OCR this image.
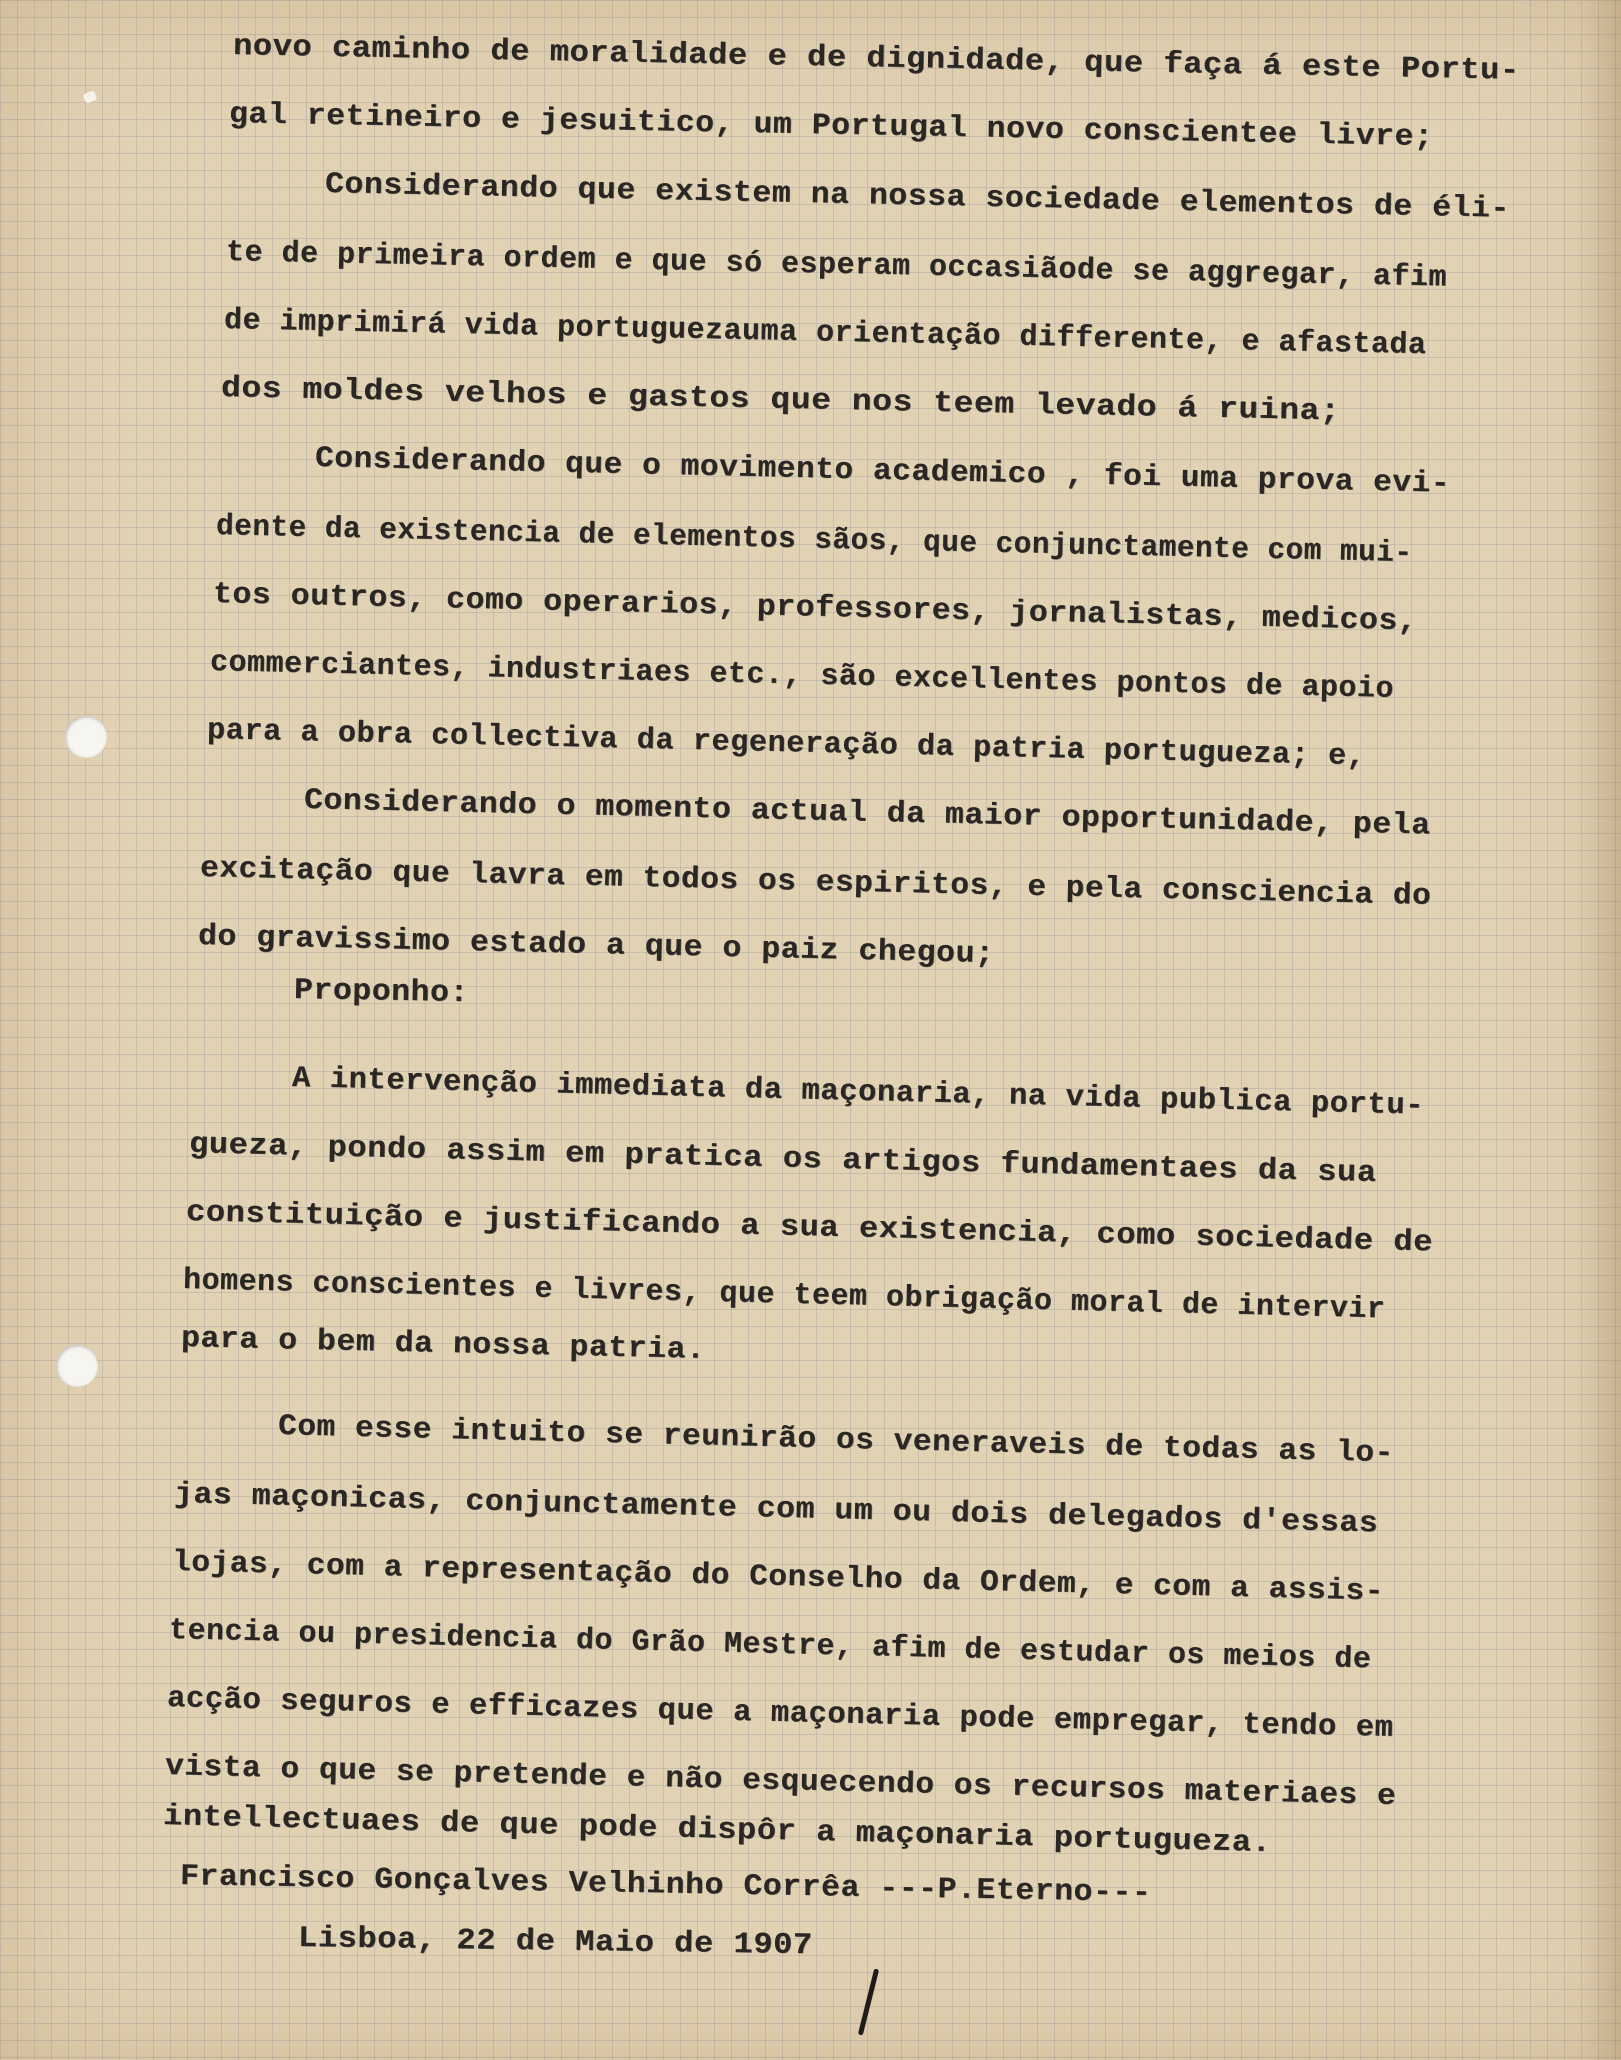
novo caminho de moralidade e de dignidade, que faça á este Portu-
gal retineiro e jesuitico, um Portugal novo conscientee livre;
Considerando que existem na nossa sociedade elementos de éli-
te de primeira ordem e que só esperam occasiãode se aggregar, afim
de imprimirá vida portuguezauma orientação differente, e afastada
dos moldes velhos e gastos que nos teem levado á ruina;
Considerando que o movimento academico , foi uma prova evi-
dente da existencia de elementos sãos, que conjunctamente com mui-
tos outros, como operarios, professores, jornalistas, medicos,
commerciantes, industriaes etc., são excellentes pontos de apoio
para a obra collectiva da regeneração da patria portugueza; e,
Considerando o momento actual da maior opportunidade, pela
excitação que lavra em todos os espiritos, e pela consciencia do
do gravissimo estado a que o paiz chegou;
Proponho:
A intervenção immediata da maçonaria, na vida publica portu-
gueza, pondo assim em pratica os artigos fundamentaes da sua
constituição e justificando a sua existencia, como sociedade de
homens conscientes e livres, que teem obrigação moral de intervir
para o bem da nossa patria.
Com esse intuito se reunirão os veneraveis de todas as lo-
jas maçonicas, conjunctamente com um ou dois delegados d'essas
lojas, com a representação do Conselho da Ordem, e com a assis-
tencia ou presidencia do Grão Mestre, afim de estudar os meios de
acção seguros e efficazes que a maçonaria pode empregar, tendo em
vista o que se pretende e não esquecendo os recursos materiaes e
intellectuaes de que pode dispôr a maçonaria portugueza.
Francisco Gonçalves Velhinho Corrêa ---P.Eterno---
Lisboa, 22 de Maio de 1907
